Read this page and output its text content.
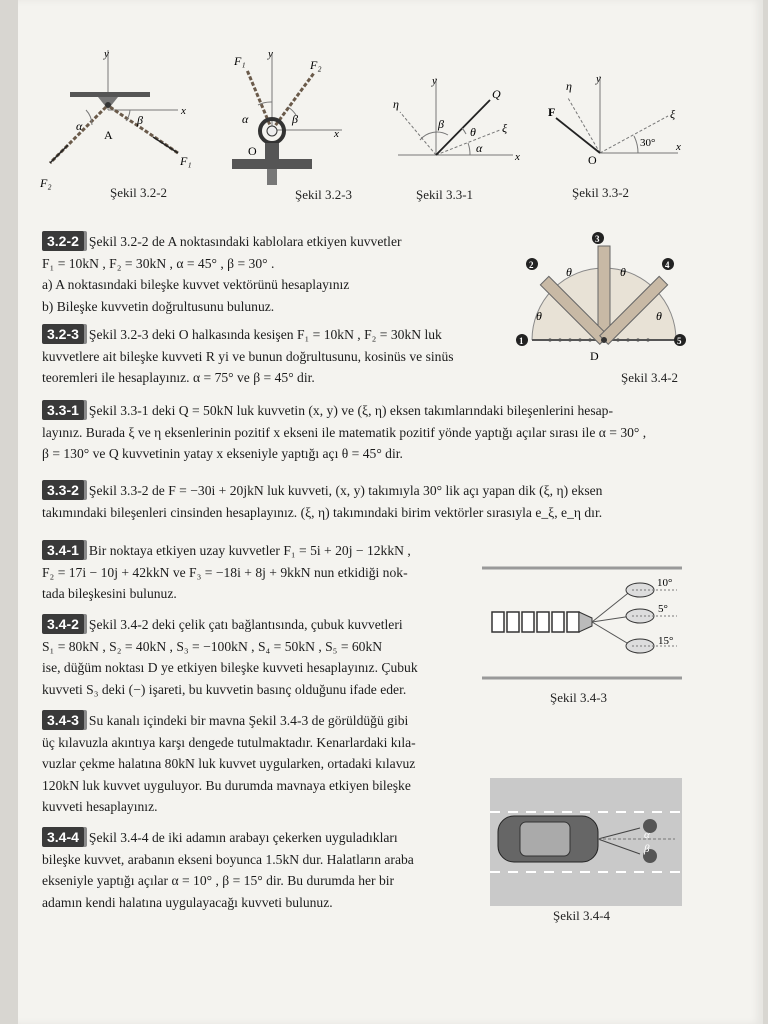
y
x
α	β
A
F₁
F₂
Şekil 3.2-2
F₁ y
F₂
α	β
x
O
Şekil 3.2-3
η
y
Q
β
θ ξ
α
x
Şekil 3.3-1
η y
F	ξ
30° x
O
Şekil 3.3-2
1
2
3
4
5
θ
θ	θ
θ
D
Şekil 3.4-2
10°
5°
15°
Şekil 3.4-3
α
β
Şekil 3.4-4
3.2-2 Şekil 3.2-2 de A noktasındaki kablolara etkiyen kuvvetler
F₁ = 10kN , F₂ = 30kN , α = 45° , β = 30° .
a) A noktasındaki bileşke kuvvet vektörünü hesaplayınız
b) Bileşke kuvvetin doğrultusunu bulunuz.
3.2-3 Şekil 3.2-3 deki O halkasında kesişen F₁ = 10kN , F₂ = 30kN luk
kuvvetlere ait bileşke kuvveti R yi ve bunun doğrultusunu, kosinüs ve sinüs
teoremleri ile hesaplayınız. α = 75° ve β = 45° dir.
3.3-1 Şekil 3.3-1 deki Q = 50kN luk kuvvetin (x, y) ve (ξ, η) eksen takımlarındaki bileşenlerini hesap-
layınız. Burada ξ ve η eksenlerinin pozitif x ekseni ile matematik pozitif yönde yaptığı açılar sırası ile α = 30° ,
β = 130° ve Q kuvvetinin yatay x ekseniyle yaptığı açı θ = 45° dir.
3.3-2 Şekil 3.3-2 de F = −30i + 20jkN luk kuvveti, (x, y) takımıyla 30° lik açı yapan dik (ξ, η) eksen
takımındaki bileşenleri cinsinden hesaplayınız. (ξ, η) takımındaki birim vektörler sırasıyla e_ξ, e_η dır.
3.4-1 Bir noktaya etkiyen uzay kuvvetler F₁ = 5i + 20j − 12kkN ,
F₂ = 17i − 10j + 42kkN ve F₃ = −18i + 8j + 9kkN nun etkidiği nok-
tada bileşkesini bulunuz.
3.4-2 Şekil 3.4-2 deki çelik çatı bağlantısında, çubuk kuvvetleri
S₁ = 80kN , S₂ = 40kN , S₃ = −100kN , S₄ = 50kN , S₅ = 60kN
ise, düğüm noktası D ye etkiyen bileşke kuvveti hesaplayınız. Çubuk
kuvveti S₃ deki (−) işareti, bu kuvvetin basınç olduğunu ifade eder.
3.4-3 Su kanalı içindeki bir mavna Şekil 3.4-3 de görüldüğü gibi
üç kılavuzla akıntıya karşı dengede tutulmaktadır. Kenarlardaki kıla-
vuzlar çekme halatına 80kN luk kuvvet uygularken, ortadaki kılavuz
120kN luk kuvvet uyguluyor. Bu durumda mavnaya etkiyen bileşke
kuvveti hesaplayınız.
3.4-4 Şekil 3.4-4 de iki adamın arabayı çekerken uyguladıkları
bileşke kuvvet, arabanın ekseni boyunca 1.5kN dur. Halatların araba
ekseniyle yaptığı açılar α = 10° , β = 15° dir. Bu durumda her bir
adamın kendi halatına uygulayacağı kuvveti bulunuz.
